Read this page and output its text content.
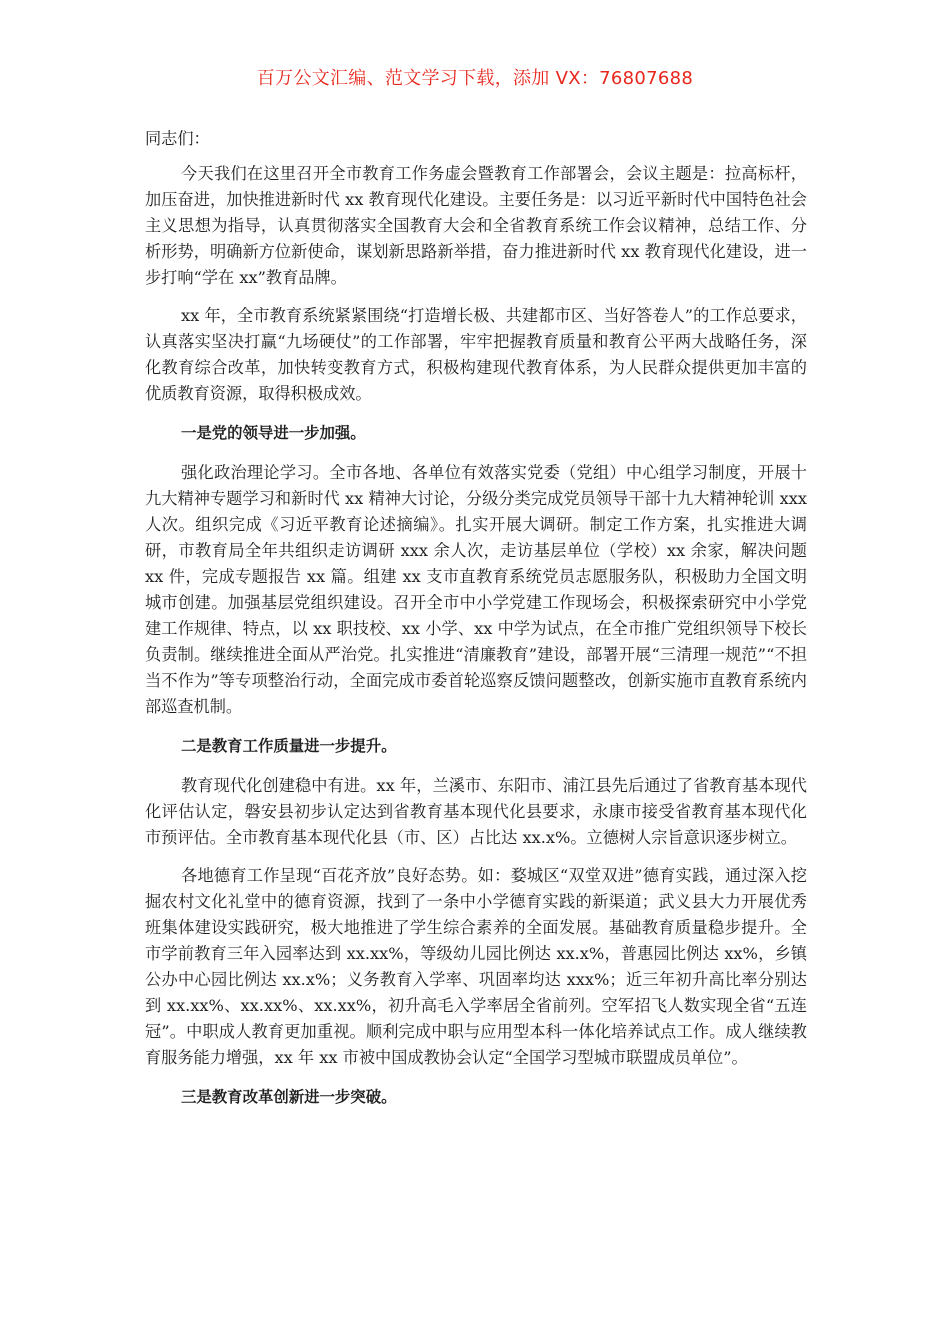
百万公文汇编、范文学习下载，添加 VX：76807688

同志们：

今天我们在这里召开全市教育工作务虚会暨教育工作部署会，会议主题是：拉高标杆，加压奋进，加快推进新时代 xx 教育现代化建设。主要任务是：以习近平新时代中国特色社会主义思想为指导，认真贯彻落实全国教育大会和全省教育系统工作会议精神，总结工作、分析形势，明确新方位新使命，谋划新思路新举措，奋力推进新时代 xx 教育现代化建设，进一步打响“学在 xx”教育品牌。

xx 年，全市教育系统紧紧围绕“打造增长极、共建都市区、当好答卷人”的工作总要求，认真落实坚决打赢“九场硬仗”的工作部署，牢牢把握教育质量和教育公平两大战略任务，深化教育综合改革，加快转变教育方式，积极构建现代教育体系，为人民群众提供更加丰富的优质教育资源，取得积极成效。

一是党的领导进一步加强。

强化政治理论学习。全市各地、各单位有效落实党委（党组）中心组学习制度，开展十九大精神专题学习和新时代 xx 精神大讨论，分级分类完成党员领导干部十九大精神轮训 xxx 人次。组织完成《习近平教育论述摘编》。扎实开展大调研。制定工作方案，扎实推进大调研，市教育局全年共组织走访调研 xxx 余人次，走访基层单位（学校）xx 余家，解决问题 xx 件，完成专题报告 xx 篇。组建 xx 支市直教育系统党员志愿服务队，积极助力全国文明城市创建。加强基层党组织建设。召开全市中小学党建工作现场会，积极探索研究中小学党建工作规律、特点，以 xx 职技校、xx 小学、xx 中学为试点，在全市推广党组织领导下校长负责制。继续推进全面从严治党。扎实推进“清廉教育”建设，部署开展“三清理一规范”“不担当不作为”等专项整治行动，全面完成市委首轮巡察反馈问题整改，创新实施市直教育系统内部巡查机制。

二是教育工作质量进一步提升。

教育现代化创建稳中有进。xx 年，兰溪市、东阳市、浦江县先后通过了省教育基本现代化评估认定，磐安县初步认定达到省教育基本现代化县要求，永康市接受省教育基本现代化市预评估。全市教育基本现代化县（市、区）占比达 xx.x%。立德树人宗旨意识逐步树立。

各地德育工作呈现“百花齐放”良好态势。如：婺城区“双堂双进”德育实践，通过深入挖掘农村文化礼堂中的德育资源，找到了一条中小学德育实践的新渠道；武义县大力开展优秀班集体建设实践研究，极大地推进了学生综合素养的全面发展。基础教育质量稳步提升。全市学前教育三年入园率达到 xx.xx%，等级幼儿园比例达 xx.x%，普惠园比例达 xx%，乡镇公办中心园比例达 xx.x%；义务教育入学率、巩固率均达 xxx%；近三年初升高比率分别达到 xx.xx%、xx.xx%、xx.xx%，初升高毛入学率居全省前列。空军招飞人数实现全省“五连冠”。中职成人教育更加重视。顺利完成中职与应用型本科一体化培养试点工作。成人继续教育服务能力增强，xx 年 xx 市被中国成教协会认定“全国学习型城市联盟成员单位”。

三是教育改革创新进一步突破。
